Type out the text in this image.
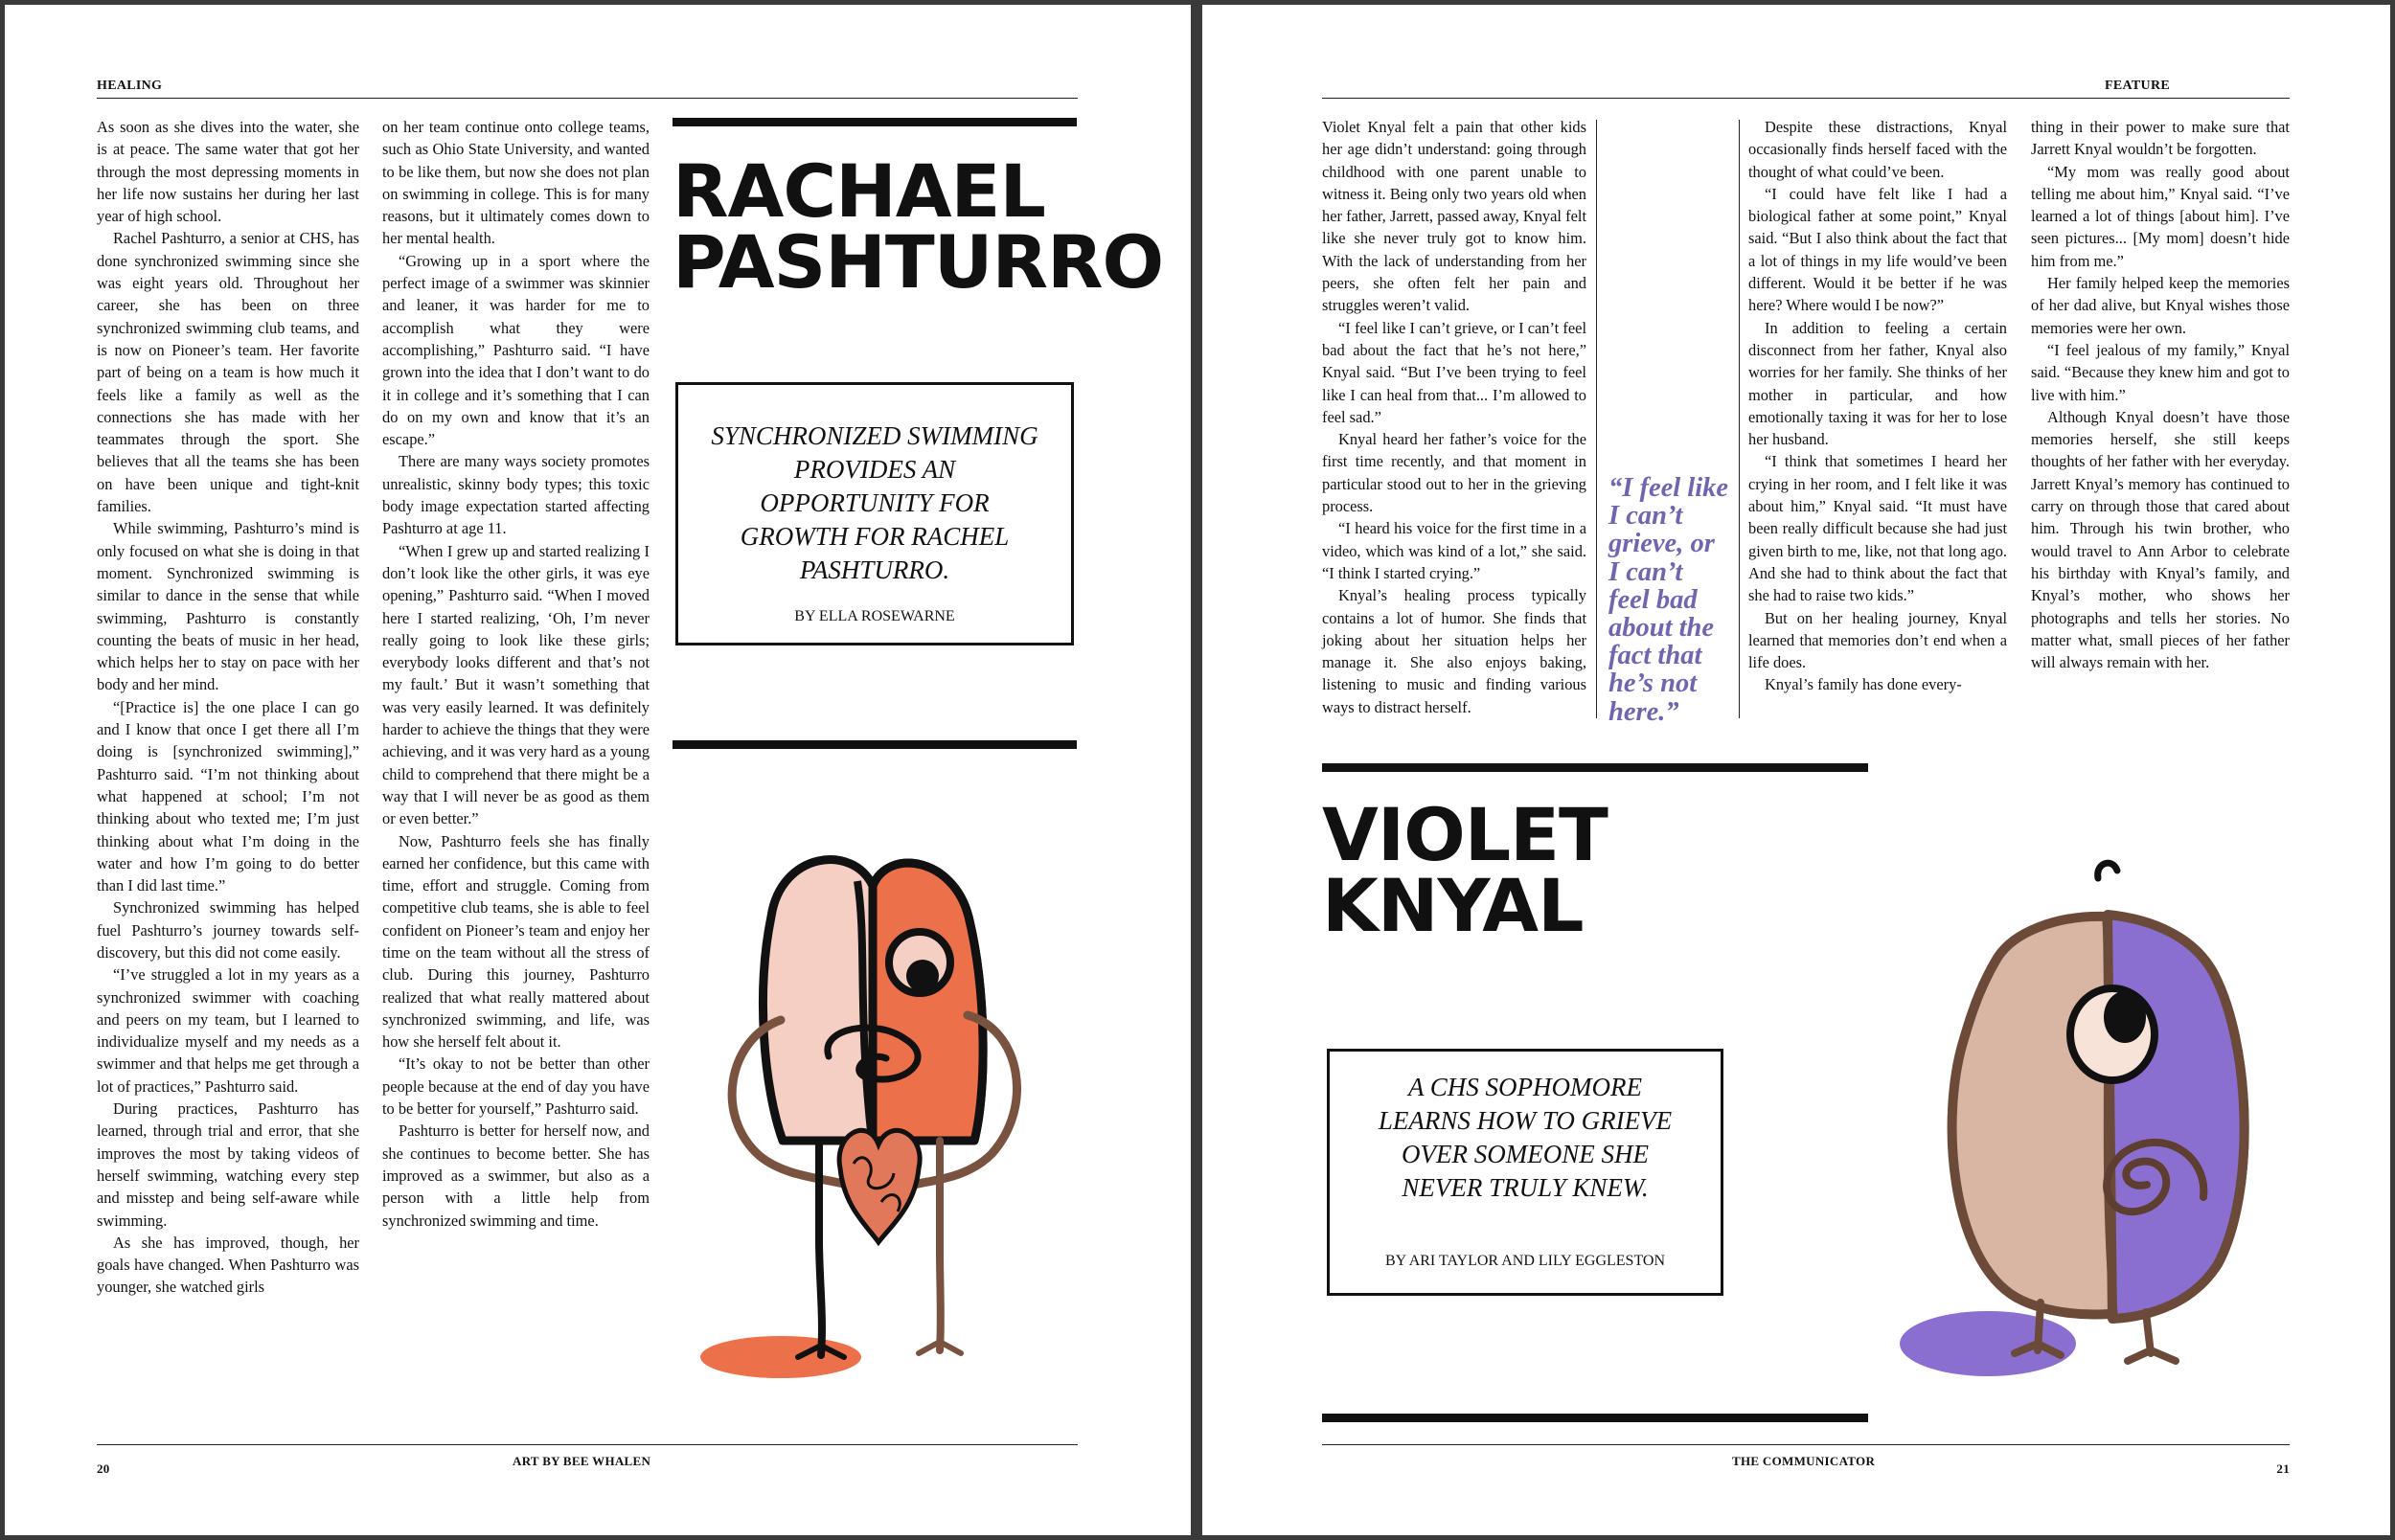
HEALING

As soon as she dives into the water, she is at peace. The same water that got her through the most depressing moments in her life now sustains her during her last year of high school.

Rachel Pashturro, a senior at CHS, has done synchronized swimming since she was eight years old. Throughout her career, she has been on three synchronized swimming club teams, and is now on Pioneer’s team. Her favorite part of being on a team is how much it feels like a family as well as the connections she has made with her teammates through the sport. She believes that all the teams she has been on have been unique and tight-knit families.

While swimming, Pashturro’s mind is only focused on what she is doing in that moment. Synchronized swimming is similar to dance in the sense that while swimming, Pashturro is constantly counting the beats of music in her head, which helps her to stay on pace with her body and her mind.

“[Practice is] the one place I can go and I know that once I get there all I’m doing is [synchronized swimming],” Pashturro said. “I’m not thinking about what happened at school; I’m not thinking about who texted me; I’m just thinking about what I’m doing in the water and how I’m going to do better than I did last time.”

Synchronized swimming has helped fuel Pashturro’s journey towards self-discovery, but this did not come easily.

“I’ve struggled a lot in my years as a synchronized swimmer with coaching and peers on my team, but I learned to individualize myself and my needs as a swimmer and that helps me get through a lot of practices,” Pashturro said.

During practices, Pashturro has learned, through trial and error, that she improves the most by taking videos of herself swimming, watching every step and misstep and being self-aware while swimming.

As she has improved, though, her goals have changed. When Pashturro was younger, she watched girls

on her team continue onto college teams, such as Ohio State University, and wanted to be like them, but now she does not plan on swimming in college. This is for many reasons, but it ultimately comes down to her mental health.

“Growing up in a sport where the perfect image of a swimmer was skinnier and leaner, it was harder for me to accomplish what they were accomplishing,” Pashturro said. “I have grown into the idea that I don’t want to do it in college and it’s something that I can do on my own and know that it’s an escape.”

There are many ways society promotes unrealistic, skinny body types; this toxic body image expectation started affecting Pashturro at age 11.

“When I grew up and started realizing I don’t look like the other girls, it was eye opening,” Pashturro said. “When I moved here I started realizing, ‘Oh, I’m never really going to look like these girls; everybody looks different and that’s not my fault.’ But it wasn’t something that was very easily learned. It was definitely harder to achieve the things that they were achieving, and it was very hard as a young child to comprehend that there might be a way that I will never be as good as them or even better.”

Now, Pashturro feels she has finally earned her confidence, but this came with time, effort and struggle. Coming from competitive club teams, she is able to feel confident on Pioneer’s team and enjoy her time on the team without all the stress of club. During this journey, Pashturro realized that what really mattered about synchronized swimming, and life, was how she herself felt about it.

“It’s okay to not be better than other people because at the end of day you have to be better for yourself,” Pashturro said.

Pashturro is better for herself now, and she continues to become better. She has improved as a swimmer, but also as a person with a little help from synchronized swimming and time.

RACHAEL
PASHTURRO
SYNCHRONIZED SWIMMING PROVIDES AN OPPORTUNITY FOR GROWTH FOR RACHEL PASHTURRO.
BY ELLA ROSEWARNE
20
ART BY BEE WHALEN
FEATURE

Violet Knyal felt a pain that other kids her age didn’t understand: going through childhood with one parent unable to witness it. Being only two years old when her father, Jarrett, passed away, Knyal felt like she never truly got to know him. With the lack of understanding from her peers, she often felt her pain and struggles weren’t valid.

“I feel like I can’t grieve, or I can’t feel bad about the fact that he’s not here,” Knyal said. “But I’ve been trying to feel like I can heal from that... I’m allowed to feel sad.”

Knyal heard her father’s voice for the first time recently, and that moment in particular stood out to her in the grieving process.

“I heard his voice for the first time in a video, which was kind of a lot,” she said. “I think I started crying.”

Knyal’s healing process typically contains a lot of humor. She finds that joking about her situation helps her manage it. She also enjoys baking, listening to music and finding various ways to distract herself.

“I feel like I can’t grieve, or I can’t feel bad about the fact that he’s not here.”

Despite these distractions, Knyal occasionally finds herself faced with the thought of what could’ve been.

“I could have felt like I had a biological father at some point,” Knyal said. “But I also think about the fact that a lot of things in my life would’ve been different. Would it be better if he was here? Where would I be now?”

In addition to feeling a certain disconnect from her father, Knyal also worries for her family. She thinks of her mother in particular, and how emotionally taxing it was for her to lose her husband.

“I think that sometimes I heard her crying in her room, and I felt like it was about him,” Knyal said. “It must have been really difficult because she had just given birth to me, like, not that long ago. And she had to think about the fact that she had to raise two kids.”

But on her healing journey, Knyal learned that memories don’t end when a life does.

Knyal’s family has done every-

thing in their power to make sure that Jarrett Knyal wouldn’t be forgotten.

“My mom was really good about telling me about him,” Knyal said. “I’ve learned a lot of things [about him]. I’ve seen pictures... [My mom] doesn’t hide him from me.”

Her family helped keep the memories of her dad alive, but Knyal wishes those memories were her own.

“I feel jealous of my family,” Knyal said. “Because they knew him and got to live with him.”

Although Knyal doesn’t have those memories herself, she still keeps thoughts of her father with her everyday. Jarrett Knyal’s memory has continued to carry on through those that cared about him. Through his twin brother, who would travel to Ann Arbor to celebrate his birthday with Knyal’s family, and Knyal’s mother, who shows her photographs and tells her stories. No matter what, small pieces of her father will always remain with her.

VIOLET
KNYAL
A CHS SOPHOMORE LEARNS HOW TO GRIEVE OVER SOMEONE SHE NEVER TRULY KNEW.
BY ARI TAYLOR AND LILY EGGLESTON
THE COMMUNICATOR
21
